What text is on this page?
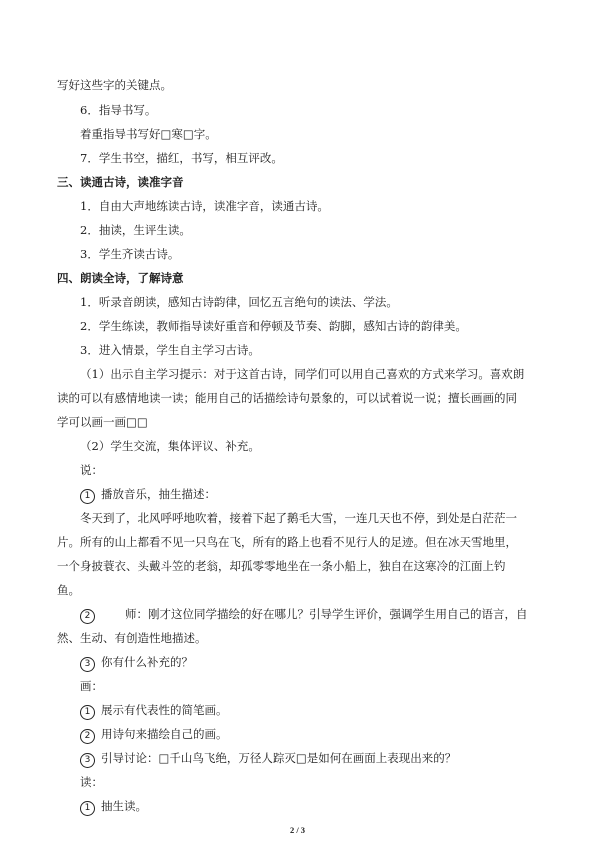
写好这些字的关键点。
6．指导书写。
着重指导书写好□寒□字。
7．学生书空，描红，书写，相互评改。
三、读通古诗，读准字音
1．自由大声地练读古诗，读准字音，读通古诗。
2．抽读，生评生读。
3．学生齐读古诗。
四、朗读全诗，了解诗意
1．听录音朗读，感知古诗韵律，回忆五言绝句的读法、学法。
2．学生练读，教师指导读好重音和停顿及节奏、韵脚，感知古诗的韵律美。
3．进入情景，学生自主学习古诗。
（1）出示自主学习提示：对于这首古诗，同学们可以用自己喜欢的方式来学习。喜欢朗
读的可以有感情地读一读；能用自己的话描绘诗句景象的，可以试着说一说；擅长画画的同
学可以画一画□□
（2）学生交流，集体评议、补充。
说：
1 播放音乐，抽生描述：
冬天到了，北风呼呼地吹着，接着下起了鹅毛大雪，一连几天也不停，到处是白茫茫一
片。所有的山上都看不见一只鸟在飞，所有的路上也看不见行人的足迹。但在冰天雪地里，
一个身披蓑衣、头戴斗笠的老翁，却孤零零地坐在一条小船上，独自在这寒冷的江面上钓
鱼。
2	师：刚才这位同学描绘的好在哪儿？引导学生评价，强调学生用自己的语言，自
然、生动、有创造性地描述。
3 你有什么补充的？
画：
1 展示有代表性的简笔画。
2 用诗句来描绘自己的画。
3 引导讨论：□千山鸟飞绝，万径人踪灭□是如何在画面上表现出来的？
读：
1 抽生读。
2 / 3
